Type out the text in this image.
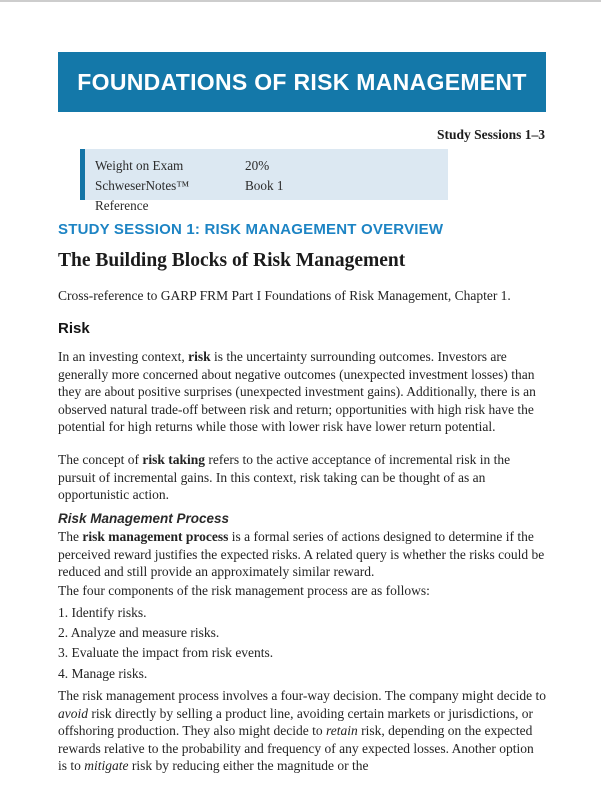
FOUNDATIONS OF RISK MANAGEMENT
Study Sessions 1–3
Weight on Exam	20%
SchweserNotes™ Reference
Book 1
STUDY SESSION 1: RISK MANAGEMENT OVERVIEW
The Building Blocks of Risk Management

Cross-reference to GARP FRM Part I Foundations of Risk Management, Chapter 1.

Risk

In an investing context, risk is the uncertainty surrounding outcomes. Investors are generally more concerned about negative outcomes (unexpected investment losses) than they are about positive surprises (unexpected investment gains). Additionally, there is an observed natural trade-off between risk and return; opportunities with high risk have the potential for high returns while those with lower risk have lower return potential.

The concept of risk taking refers to the active acceptance of incremental risk in the pursuit of incremental gains. In this context, risk taking can be thought of as an opportunistic action.

Risk Management Process

The risk management process is a formal series of actions designed to determine if the perceived reward justifies the expected risks. A related query is whether the risks could be reduced and still provide an approximately similar reward.

The four components of the risk management process are as follows:

1. Identify risks.
2. Analyze and measure risks.
3. Evaluate the impact from risk events.
4. Manage risks.

The risk management process involves a four-way decision. The company might decide to avoid risk directly by selling a product line, avoiding certain markets or jurisdictions, or offshoring production. They also might decide to retain risk, depending on the expected rewards relative to the probability and frequency of any expected losses. Another option is to mitigate risk by reducing either the magnitude or the
